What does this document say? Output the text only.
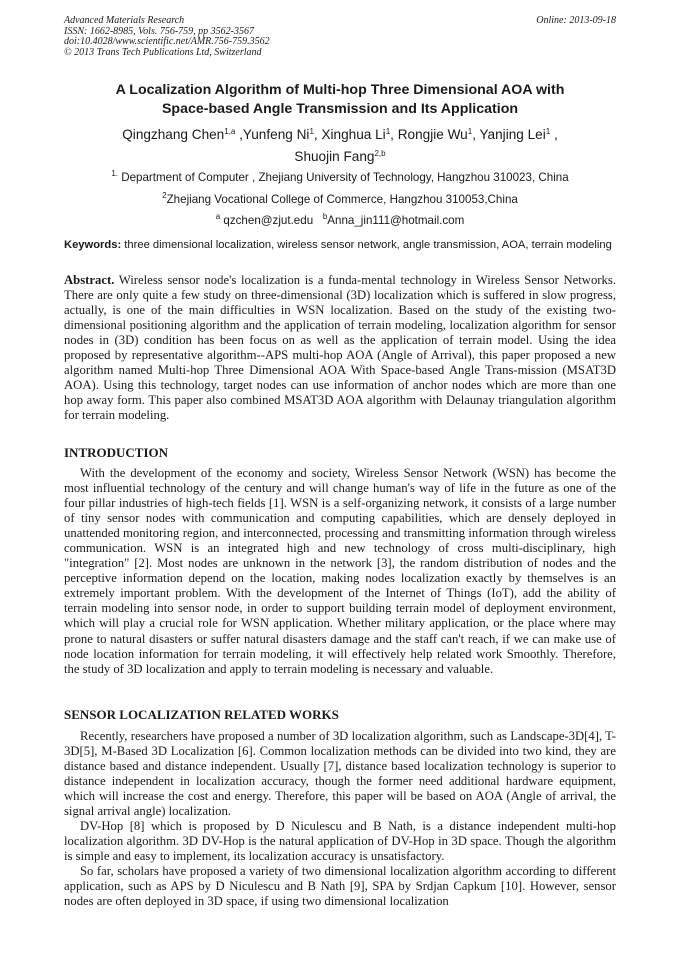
Advanced Materials Research
ISSN: 1662-8985, Vols. 756-759, pp 3562-3567
doi:10.4028/www.scientific.net/AMR.756-759.3562
© 2013 Trans Tech Publications Ltd, Switzerland
Online: 2013-09-18
A Localization Algorithm of Multi-hop Three Dimensional AOA with
Space-based Angle Transmission and Its Application
Qingzhang Chen$^{1,a}$ ,Yunfeng Ni$^1$, Xinghua Li$^1$, Rongjie Wu$^1$, Yanjing Lei$^1$ ,
Shuojin Fang$^{2,b}$
$^{1.}$ Department of Computer , Zhejiang University of Technology, Hangzhou 310023, China
$^2$Zhejiang Vocational College of Commerce, Hangzhou 310053,China
$^a$ qzchen@zjut.edu $^b$Anna_jin111@hotmail.com
Keywords: three dimensional localization, wireless sensor network, angle transmission, AOA, terrain modeling
Abstract. Wireless sensor node's localization is a funda-mental technology in Wireless Sensor Networks. There are only quite a few study on three-dimensional (3D) localization which is suffered in slow progress, actually, is one of the main difficulties in WSN localization. Based on the study of the existing two-dimensional positioning algorithm and the application of terrain modeling, localization algorithm for sensor nodes in (3D) condition has been focus on as well as the application of terrain model. Using the idea proposed by representative algorithm--APS multi-hop AOA (Angle of Arrival), this paper proposed a new algorithm named Multi-hop Three Dimensional AOA With Space-based Angle Trans-mission (MSAT3D AOA). Using this technology, target nodes can use information of anchor nodes which are more than one hop away form. This paper also combined MSAT3D AOA algorithm with Delaunay triangulation algorithm for terrain modeling.
INTRODUCTION
With the development of the economy and society, Wireless Sensor Network (WSN) has become the most influential technology of the century and will change human's way of life in the future as one of the four pillar industries of high-tech fields [1]. WSN is a self-organizing network, it consists of a large number of tiny sensor nodes with communication and computing capabilities, which are densely deployed in unattended monitoring region, and interconnected, processing and transmitting information through wireless communication. WSN is an integrated high and new technology of cross multi-disciplinary, high "integration" [2]. Most nodes are unknown in the network [3], the random distribution of nodes and the perceptive information depend on the location, making nodes localization exactly by themselves is an extremely important problem. With the development of the Internet of Things (IoT), add the ability of terrain modeling into sensor node, in order to support building terrain model of deployment environment, which will play a crucial role for WSN application. Whether military application, or the place where may prone to natural disasters or suffer natural disasters damage and the staff can't reach, if we can make use of node location information for terrain modeling, it will effectively help related work Smoothly. Therefore, the study of 3D localization and apply to terrain modeling is necessary and valuable.
SENSOR LOCALIZATION RELATED WORKS
Recently, researchers have proposed a number of 3D localization algorithm, such as Landscape-3D[4], T-3D[5], M-Based 3D Localization [6]. Common localization methods can be divided into two kind, they are distance based and distance independent. Usually [7], distance based localization technology is superior to distance independent in localization accuracy, though the former need additional hardware equipment, which will increase the cost and energy. Therefore, this paper will be based on AOA (Angle of arrival, the signal arrival angle) localization.
DV-Hop [8] which is proposed by D Niculescu and B Nath, is a distance independent multi-hop localization algorithm. 3D DV-Hop is the natural application of DV-Hop in 3D space. Though the algorithm is simple and easy to implement, its localization accuracy is unsatisfactory.
So far, scholars have proposed a variety of two dimensional localization algorithm according to different application, such as APS by D Niculescu and B Nath [9], SPA by Srdjan Capkum [10]. However, sensor nodes are often deployed in 3D space, if using two dimensional localization
